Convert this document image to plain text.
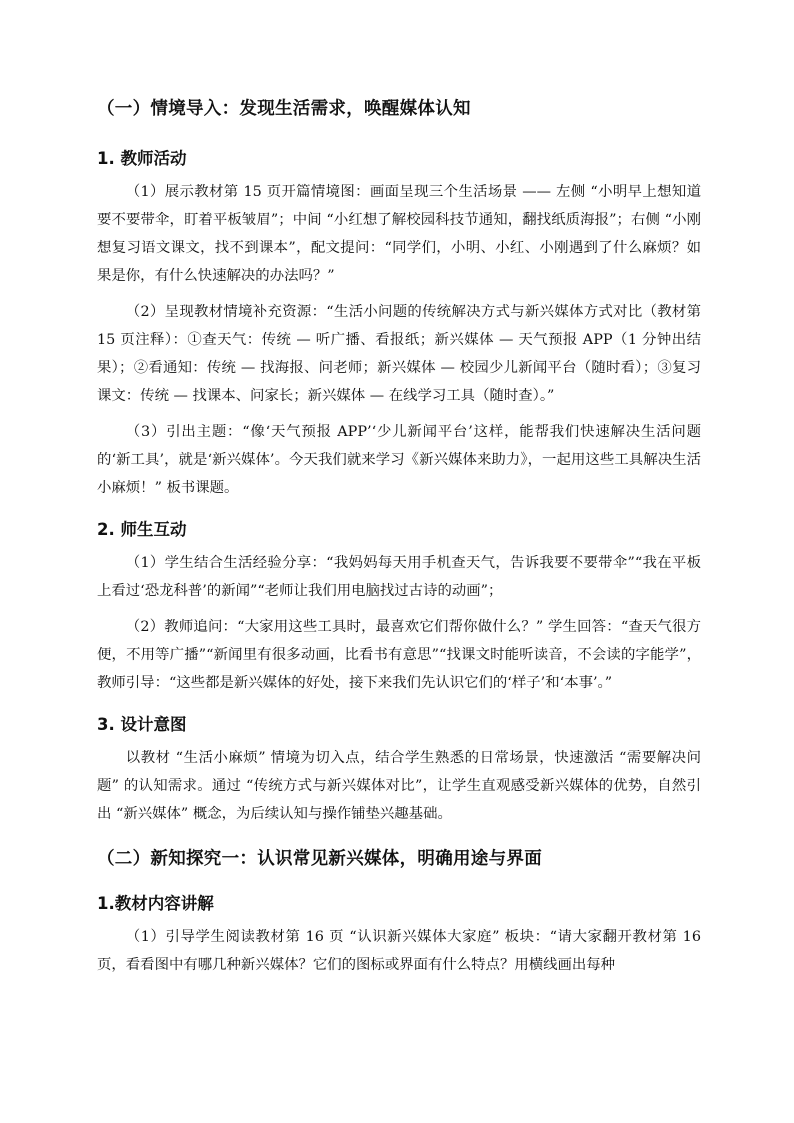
（一）情境导入：发现生活需求，唤醒媒体认知
1. 教师活动

（1）展示教材第 15 页开篇情境图：画面呈现三个生活场景 —— 左侧 “小明早上想知道要不要带伞，盯着平板皱眉”；中间 “小红想了解校园科技节通知，翻找纸质海报”；右侧 “小刚想复习语文课文，找不到课本”，配文提问：“同学们，小明、小红、小刚遇到了什么麻烦？如果是你，有什么快速解决的办法吗？”

（2）呈现教材情境补充资源：“生活小问题的传统解决方式与新兴媒体方式对比（教材第 15 页注释）：①查天气：传统 — 听广播、看报纸；新兴媒体 — 天气预报 APP（1 分钟出结果）；②看通知：传统 — 找海报、问老师；新兴媒体 — 校园少儿新闻平台（随时看）；③复习课文：传统 — 找课本、问家长；新兴媒体 — 在线学习工具（随时查）。”

（3）引出主题：“像‘天气预报 APP’‘少儿新闻平台’这样，能帮我们快速解决生活问题的‘新工具’，就是‘新兴媒体’。今天我们就来学习《新兴媒体来助力》，一起用这些工具解决生活小麻烦！” 板书课题。

2. 师生互动

（1）学生结合生活经验分享：“我妈妈每天用手机查天气，告诉我要不要带伞”“我在平板上看过‘恐龙科普’的新闻”“老师让我们用电脑找过古诗的动画”；

（2）教师追问：“大家用这些工具时，最喜欢它们帮你做什么？” 学生回答：“查天气很方便，不用等广播”“新闻里有很多动画，比看书有意思”“找课文时能听读音，不会读的字能学”，教师引导：“这些都是新兴媒体的好处，接下来我们先认识它们的‘样子’和‘本事’。”

3. 设计意图

以教材 “生活小麻烦” 情境为切入点，结合学生熟悉的日常场景，快速激活 “需要解决问题” 的认知需求。通过 “传统方式与新兴媒体对比”，让学生直观感受新兴媒体的优势，自然引出 “新兴媒体” 概念，为后续认知与操作铺垫兴趣基础。

（二）新知探究一：认识常见新兴媒体，明确用途与界面
1.教材内容讲解

（1）引导学生阅读教材第 16 页 “认识新兴媒体大家庭” 板块：“请大家翻开教材第 16 页，看看图中有哪几种新兴媒体？它们的图标或界面有什么特点？用横线画出每种
